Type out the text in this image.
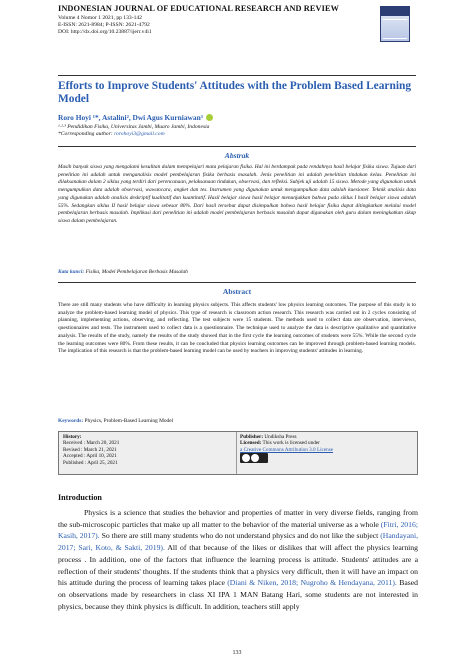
INDONESIAN JOURNAL OF EDUCATIONAL RESEARCH AND REVIEW
Volume 4 Nomor 1 2021, pp 133-142
E-ISSN: 2621-8984; P-ISSN: 2621-4792
DOI: http://dx.doi.org/10.23887/ijerr.v4i1
Efforts to Improve Students' Attitudes with the Problem Based Learning Model
Roro Hoyi ¹*, Astalini², Dwi Agus Kurniawan³
¹·²·³ Pendidikan Fisika, Universitas Jambi, Muaro Jambi, Indonesia
*Corresponding author: rorohoyi3@gmail.com
Abstrak
Masih banyak siswa yang mengalami kesulitan dalam mempelajari mata pelajaran fisika. Hal ini berdampak pada rendahnya hasil belajar fisika siswa. Tujuan dari penelitian ini adalah untuk menganalisis model pembelajaran fisika berbasis masalah. Jenis penelitian ini adalah penelitian tindakan kelas. Penelitian ini dilaksanakan dalam 2 siklus yang terdiri dari perencanaan, pelaksanaan tindakan, observasi, dan refleksi. Subjek uji adalah 15 siswa. Metode yang digunakan untuk mengumpulkan data adalah observasi, wawancara, angket dan tes. Instrumen yang digunakan untuk mengumpulkan data adalah kuesioner. Teknik analisis data yang digunakan adalah analisis deskriptif kualitatif dan kuantitatif. Hasil belajar siswa hasil belajar menunjukkan bahwa pada siklus I hasil belajar siswa adalah 55%. Sedangkan siklus II hasil belajar siswa sebesar 80%. Dari hasil tersebut dapat disimpulkan bahwa hasil belajar fisika dapat ditingkatkan melalui model pembelajaran berbasis masalah. Implikasi dari penelitian ini adalah model pembelajaran berbasis masalah dapat digunakan oleh guru dalam meningkatkan sikap siswa dalam pembelajaran.
Kata kunci: Fisika, Model Pembelajaran Berbasis Masalah
Abstract
There are still many students who have difficulty in learning physics subjects. This affects students' low physics learning outcomes. The purpose of this study is to analyze the problem-based learning model of physics. This type of research is classroom action research. This research was carried out in 2 cycles consisting of planning, implementing actions, observing, and reflecting. The test subjects were 15 students. The methods used to collect data are observation, interviews, questionnaires and tests. The instrument used to collect data is a questionnaire. The technique used to analyze the data is descriptive qualitative and quantitative analysis. The results of the study, namely the results of the study showed that in the first cycle the learning outcomes of students were 55%. While the second cycle the learning outcomes were 80%. From these results, it can be concluded that physics learning outcomes can be improved through problem-based learning models. The implication of this research is that the problem-based learning model can be used by teachers in improving students' attitudes in learning.
Keywords: Physics, Problem-Based Learning Model
History:
Received : March 20, 2021
Revised : March 21, 2021
Accepted : April 10, 2021
Published : April 25, 2021
Publisher: Undiksha Press
Licensed: This work is licensed under
a Creative Commons Attribution 3.0 License
Introduction
Physics is a science that studies the behavior and properties of matter in very diverse fields, ranging from the sub-microscopic particles that make up all matter to the behavior of the material universe as a whole (Fitri, 2016; Kasih, 2017). So there are still many students who do not understand physics and do not like the subject (Handayani, 2017; Sari, Koto, & Sakti, 2019). All of that because of the likes or dislikes that will affect the physics learning process . In addition, one of the factors that influence the learning process is attitude. Students' attitudes are a reflection of their students' thoughts. If the students think that a physics very difficult, then it will have an impact on his attitude during the process of learning takes place (Diani & Niken, 2018; Nugroho & Hendayana, 2011). Based on observations made by researchers in class XI IPA 1 MAN Batang Hari, some students are not interested in physics, because they think physics is difficult. In addition, teachers still apply
133
